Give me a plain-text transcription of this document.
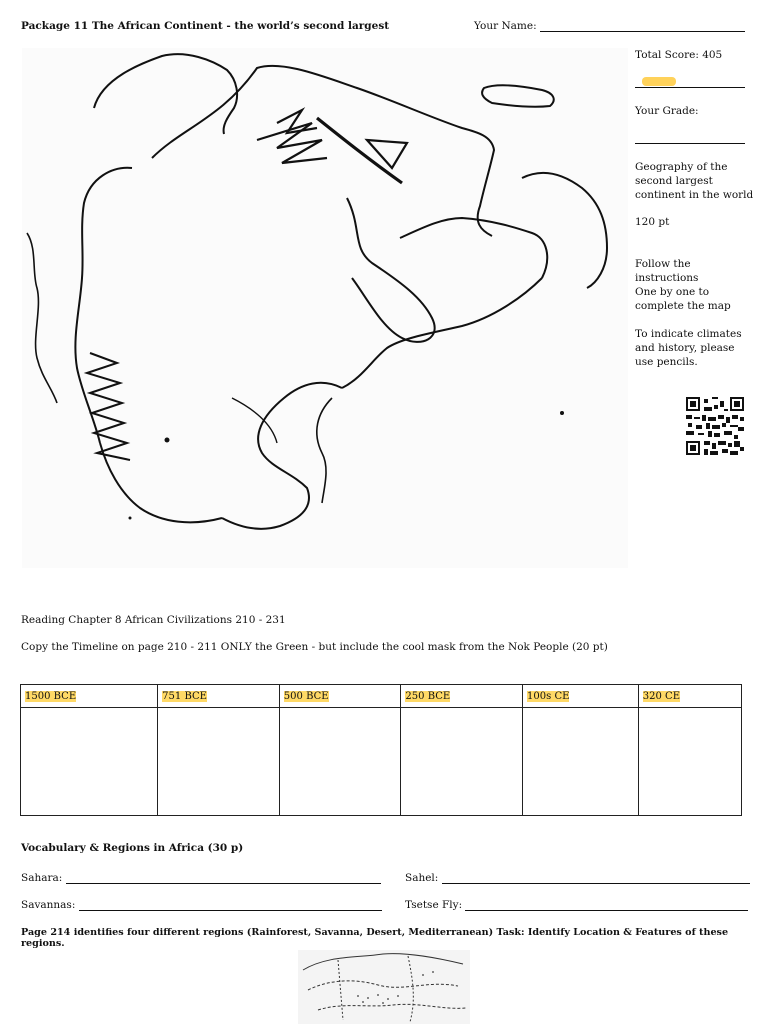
Package 11 The African Continent - the world’s second largest	Your Name:
Total Score: 405
Your Grade:
Geography of the second largest continent in the world
120 pt
Follow the instructions
One by one to complete the map
To indicate climates and history, please use pencils.
Reading Chapter 8 African Civilizations 210 - 231
Copy the Timeline on page 210 - 211 ONLY the Green - but include the cool mask from the Nok People (20 pt)
1500 BCE	751 BCE	500 BCE	250 BCE	100s CE	320 CE

Vocabulary & Regions in Africa (30 p)
Sahara:	Sahel:
Savannas:	Tsetse Fly:
Page 214 identifies four different regions (Rainforest, Savanna, Desert, Mediterranean) Task: Identify Location & Features of these regions.
